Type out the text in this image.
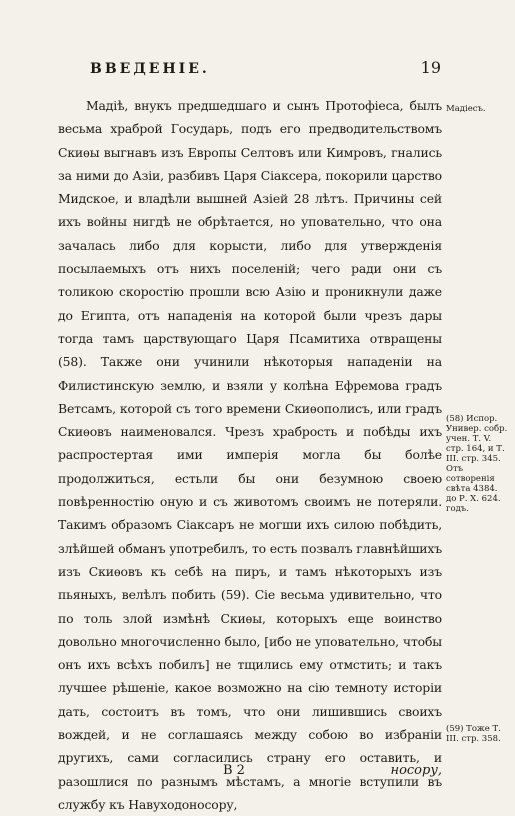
ВВЕДЕНІЕ.	19

Мадіѣ, внукъ предшедшаго и сынъ Протофіеса, былъ весьма храброй Государь, подъ его предводительствомъ Скиѳы выгнавъ изъ Европы Селтовъ или Кимровъ, гнались за ними до Азіи, разбивъ Царя Сіаксера, покорили царство Мидское, и владѣли вышней Азіей 28 лѣтъ. Причины сей ихъ войны нигдѣ не обрѣтается, но уповательно, что она зачалась либо для корысти, либо для утвержденія посылаемыхъ отъ нихъ поселеній; чего ради они съ толикою скоростію прошли всю Азію и проникнули даже до Египта, отъ нападенія на которой были чрезъ дары тогда тамъ царствующаго Царя Псамитиха отвращены (58). Также они учинили нѣкоторыя нападеніи на Филистинскую землю, и взяли у колѣна Ефремова градъ Ветсамъ, которой съ того времени Скиѳополисъ, или градъ Скиѳовъ наименовался. Чрезъ храбрость и побѣды ихъ распростертая ими имперія могла бы болѣе продолжиться, естьли бы они безумною своею повѣренностію оную и съ животомъ своимъ не потеряли. Такимъ образомъ Сіаксаръ не могши ихъ силою побѣдить, злѣйшей обманъ употребилъ, то есть позвалъ главнѣйшихъ изъ Скиѳовъ къ себѣ на пиръ, и тамъ нѣкоторыхъ изъ пьяныхъ, велѣлъ побить (59). Сіе весьма удивительно, что по толь злой измѣнѣ Скиѳы, которыхъ еще воинство довольно многочисленно было, [ибо не уповательно, чтобы онъ ихъ всѣхъ побилъ] не тщились ему отмстить; и такъ лучшее рѣшеніе, какое возможно на сію темноту исторіи дать, состоитъ въ томъ, что они лишившись своихъ вождей, и не соглашаясь между собою во избраніи другихъ, сами согласились страну его оставить, и разошлися по разнымъ мѣстамъ, а многіе вступили въ службу къ Навуходоносору,

Мадіесъ.
(58) Испор. Универ. собр. учен. Т. V. стр. 164, и Т. III. стр. 345. Отъ сотворенія свѣта 4384. до Р. Х. 624. годъ.
(59) Тоже Т. III. стр. 358.
В 2	носору,
